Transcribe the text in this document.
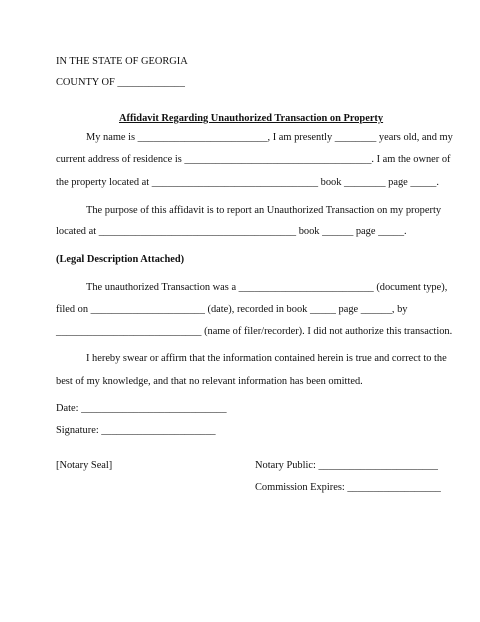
IN THE STATE OF GEORGIA
COUNTY OF _____________
Affidavit Regarding Unauthorized Transaction on Property
My name is _________________________, I am presently ________ years old, and my
current address of residence is ____________________________________. I am the owner of
the property located at ________________________________ book ________ page _____.
The purpose of this affidavit is to report an Unauthorized Transaction on my property
located at ______________________________________ book ______ page _____.
(Legal Description Attached)
The unauthorized Transaction was a __________________________ (document type),
filed on ______________________ (date), recorded in book _____ page ______, by
____________________________ (name of filer/recorder). I did not authorize this transaction.
I hereby swear or affirm that the information contained herein is true and correct to the
best of my knowledge, and that no relevant information has been omitted.
Date: ____________________________
Signature: ______________________
[Notary Seal]	Notary Public: _______________________
Commission Expires: __________________
